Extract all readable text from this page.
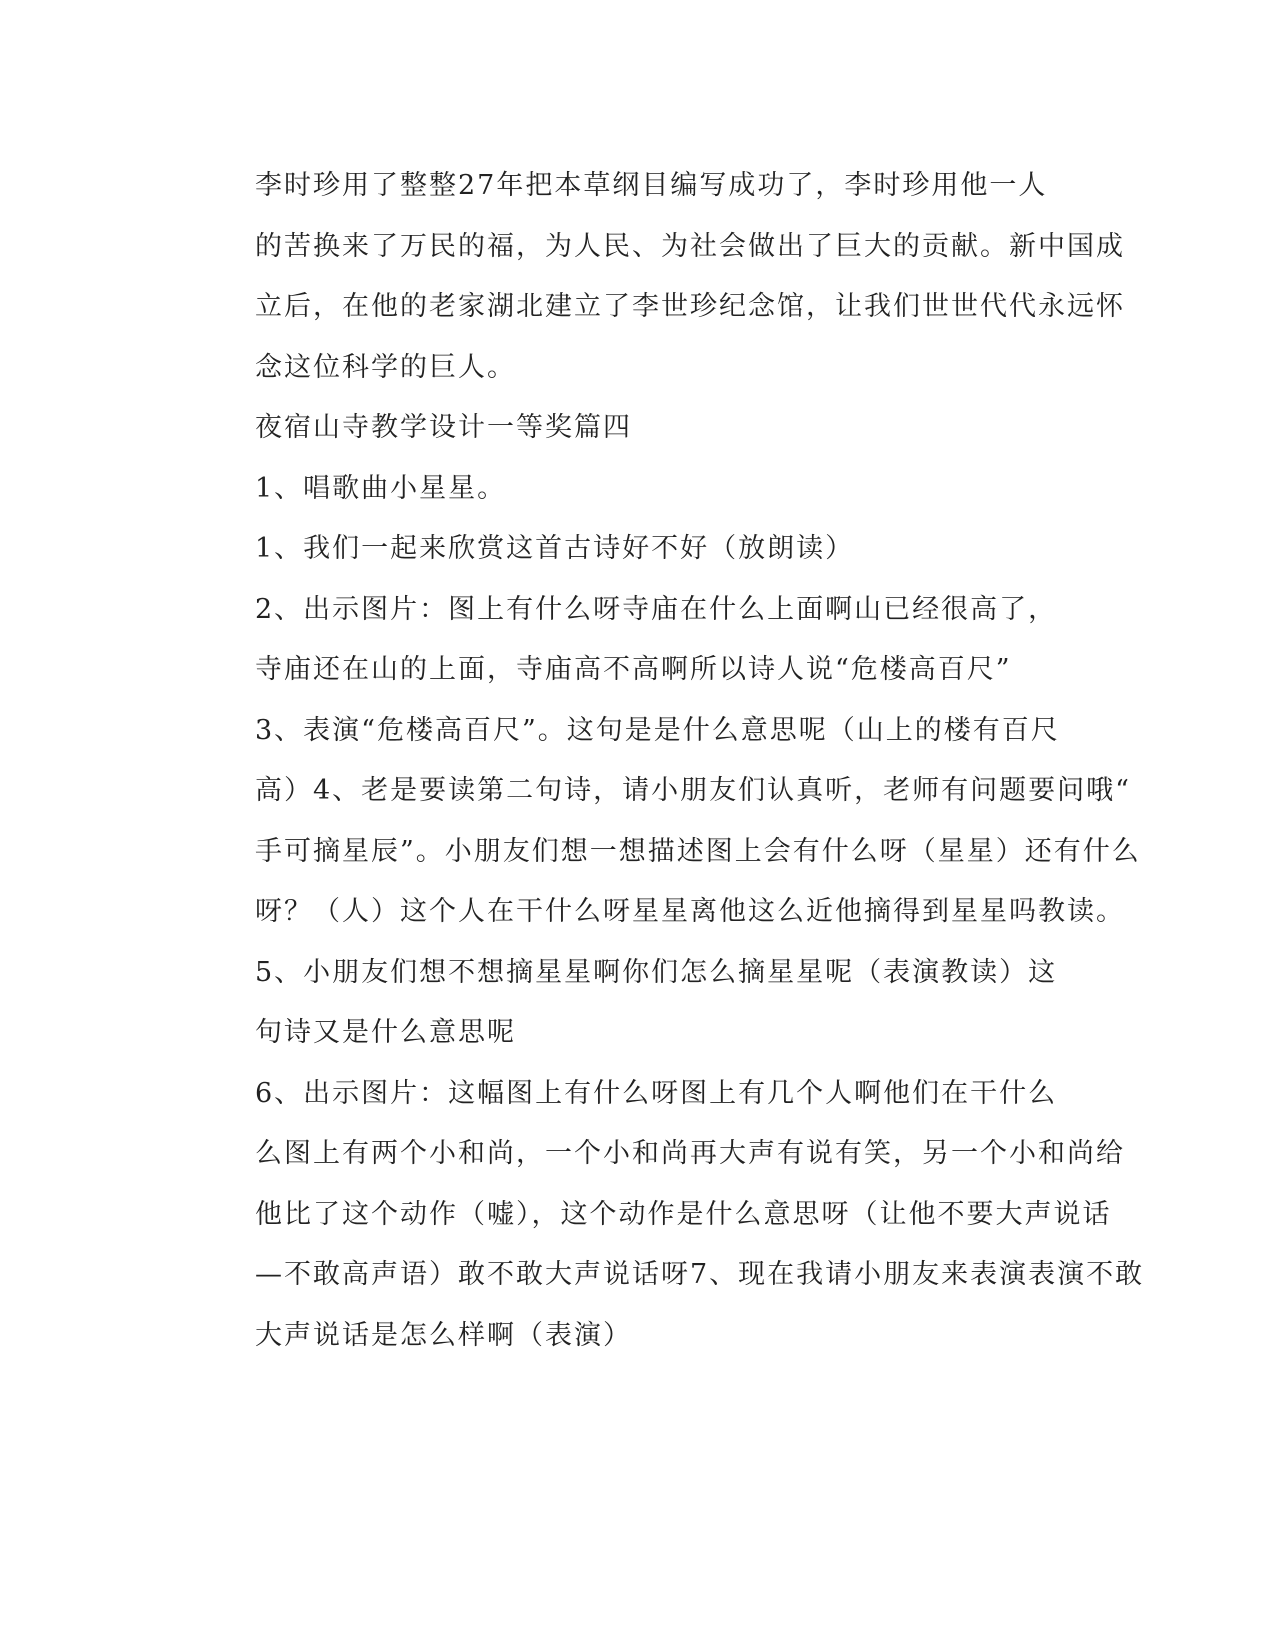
李时珍用了整整27年把本草纲目编写成功了，李时珍用他一人
的苦换来了万民的福，为人民、为社会做出了巨大的贡献。新中国成
立后，在他的老家湖北建立了李世珍纪念馆，让我们世世代代永远怀
念这位科学的巨人。

夜宿山寺教学设计一等奖篇四

1、唱歌曲小星星。

1、我们一起来欣赏这首古诗好不好（放朗读）

2、出示图片：图上有什么呀寺庙在什么上面啊山已经很高了，
寺庙还在山的上面，寺庙高不高啊所以诗人说“危楼高百尺”

3、表演“危楼高百尺”。这句是是什么意思呢（山上的楼有百尺
高）4、老是要读第二句诗，请小朋友们认真听，老师有问题要问哦“
手可摘星辰”。小朋友们想一想描述图上会有什么呀（星星）还有什么
呀？（人）这个人在干什么呀星星离他这么近他摘得到星星吗教读。

5、小朋友们想不想摘星星啊你们怎么摘星星呢（表演教读）这
句诗又是什么意思呢

6、出示图片：这幅图上有什么呀图上有几个人啊他们在干什么
么图上有两个小和尚，一个小和尚再大声有说有笑，另一个小和尚给
他比了这个动作（嘘），这个动作是什么意思呀（让他不要大声说话
—不敢高声语）敢不敢大声说话呀7、现在我请小朋友来表演表演不敢
大声说话是怎么样啊（表演）
